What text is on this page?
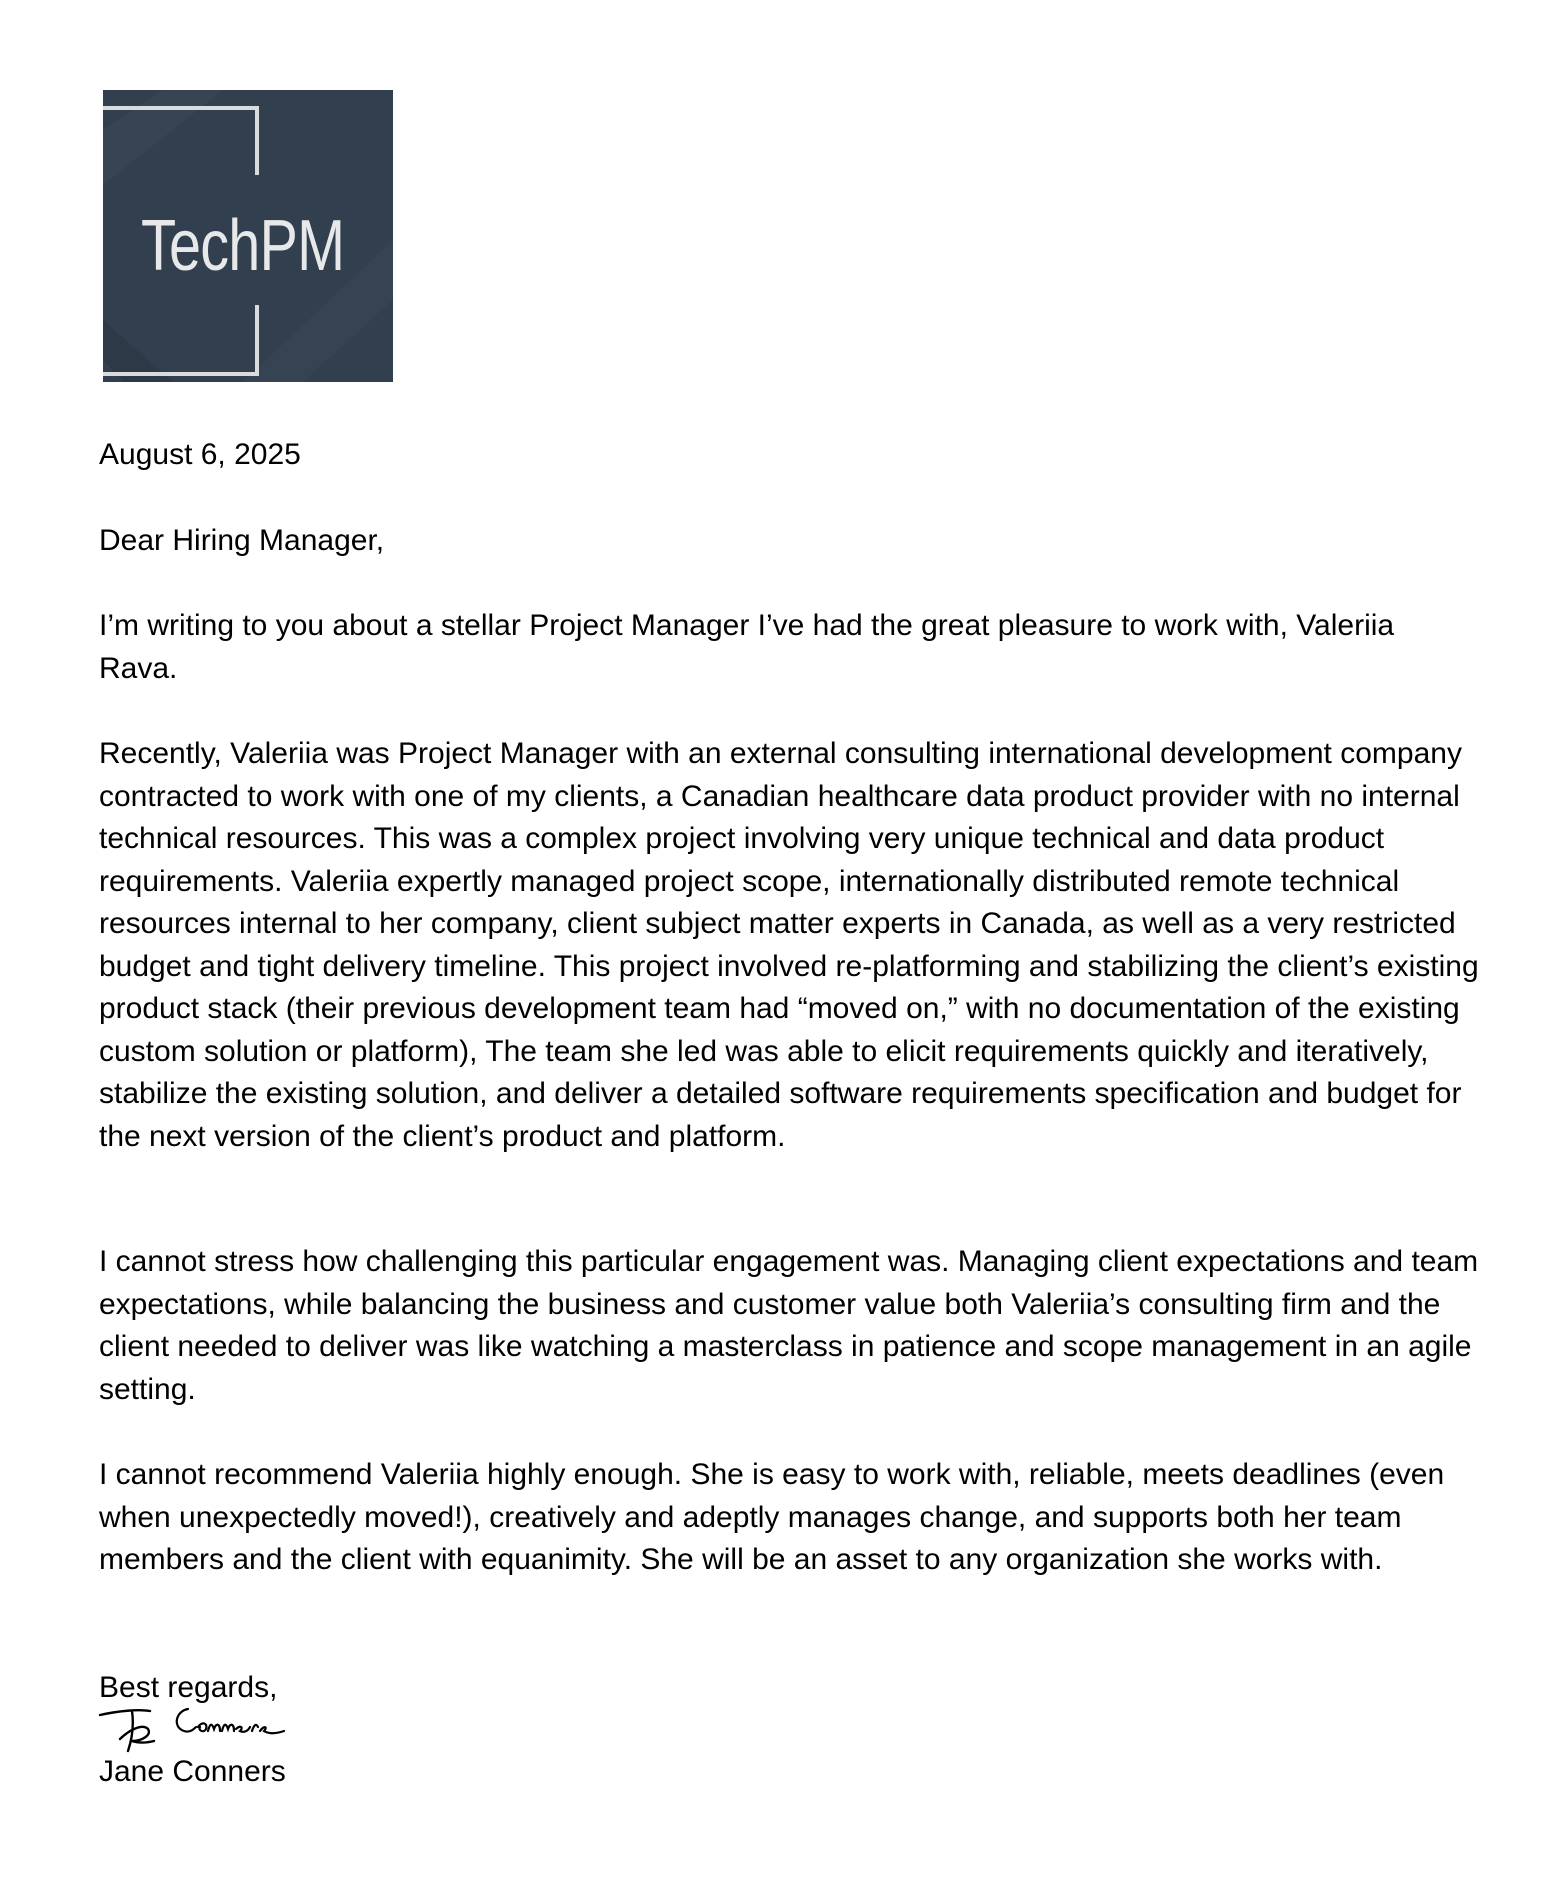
TechPM

August 6, 2025

Dear Hiring Manager,

I’m writing to you about a stellar Project Manager I’ve had the great pleasure to work with, Valeriia Rava.

Recently, Valeriia was Project Manager with an external consulting international development company contracted to work with one of my clients, a Canadian healthcare data product provider with no internal technical resources. This was a complex project involving very unique technical and data product requirements. Valeriia expertly managed project scope, internationally distributed remote technical resources internal to her company, client subject matter experts in Canada, as well as a very restricted budget and tight delivery timeline. This project involved re-platforming and stabilizing the client’s existing product stack (their previous development team had “moved on,” with no documentation of the existing custom solution or platform), The team she led was able to elicit requirements quickly and iteratively, stabilize the existing solution, and deliver a detailed software requirements specification and budget for the next version of the client’s product and platform.

I cannot stress how challenging this particular engagement was. Managing client expectations and team expectations, while balancing the business and customer value both Valeriia’s consulting firm and the client needed to deliver was like watching a masterclass in patience and scope management in an agile setting.

I cannot recommend Valeriia highly enough. She is easy to work with, reliable, meets deadlines (even when unexpectedly moved!), creatively and adeptly manages change, and supports both her team members and the client with equanimity. She will be an asset to any organization she works with.

Best regards,

Jane Conners
